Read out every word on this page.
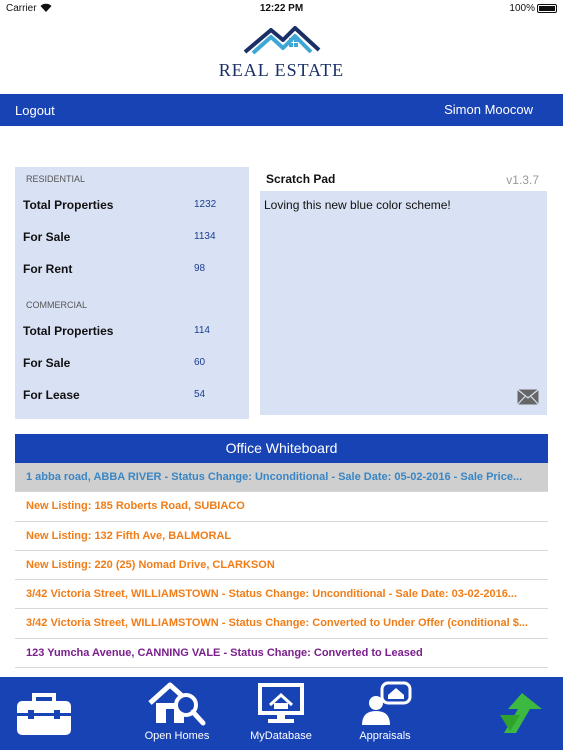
Carrier	12:22 PM	100%
REAL ESTATE
Logout	Simon Moocow
RESIDENTIAL
Total Properties	1232
For Sale	1134
For Rent	98
COMMERCIAL
Total Properties	114
For Sale	60
For Lease	54
Scratch Pad	v1.3.7
Loving this new blue color scheme!
Office Whiteboard
1 abba road, ABBA RIVER - Status Change: Unconditional - Sale Date: 05-02-2016 - Sale Price...
New Listing: 185 Roberts Road, SUBIACO
New Listing: 132 Fifth Ave, BALMORAL
New Listing: 220 (25) Nomad Drive, CLARKSON
3/42 Victoria Street, WILLIAMSTOWN - Status Change: Unconditional - Sale Date: 03-02-2016...
3/42 Victoria Street, WILLIAMSTOWN - Status Change: Converted to Under Offer (conditional $...
123 Yumcha Avenue, CANNING VALE - Status Change: Converted to Leased
Open Homes	MyDatabase	Appraisals
